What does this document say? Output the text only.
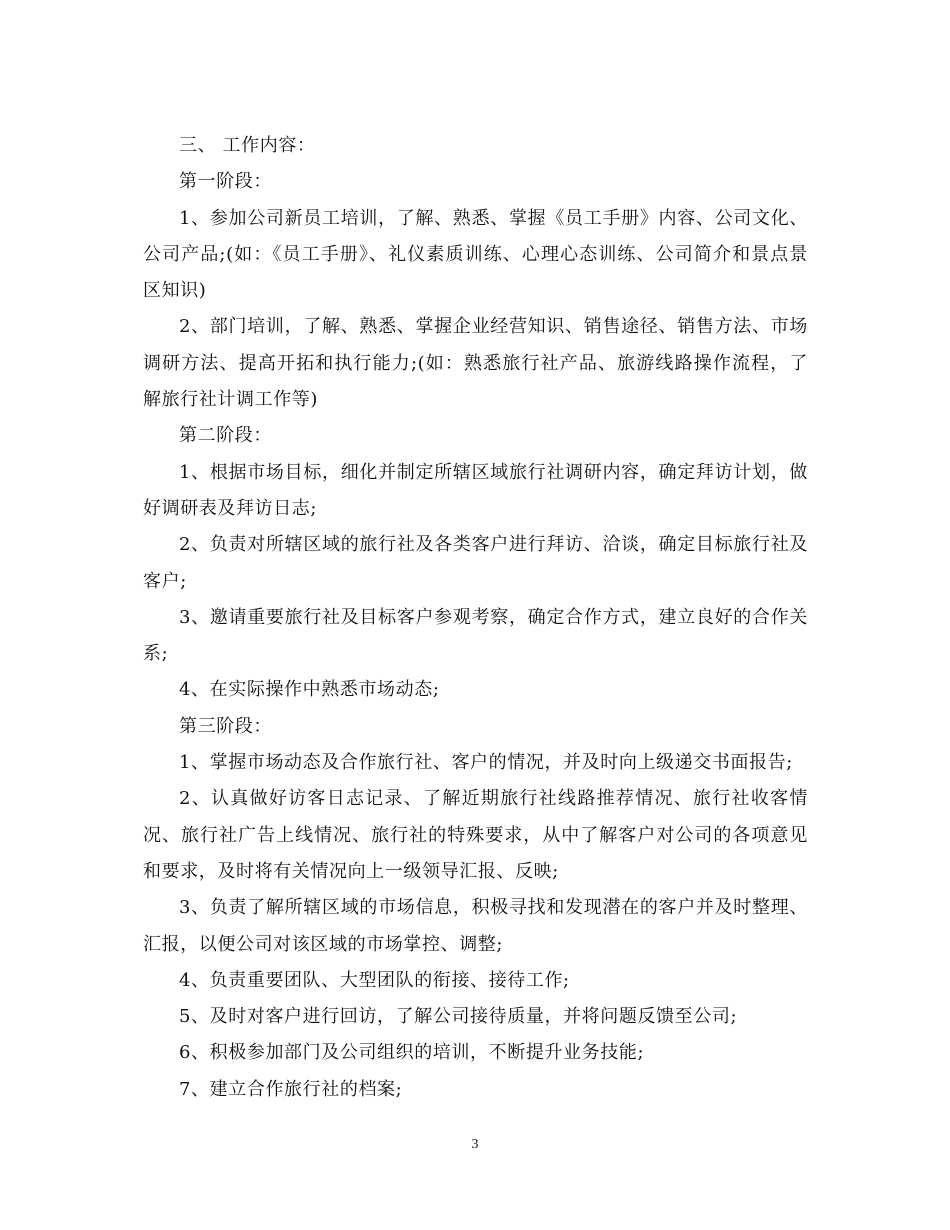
三、 工作内容：

第一阶段：

1、参加公司新员工培训，了解、熟悉、掌握《员工手册》内容、公司文化、公司产品;(如：《员工手册》、礼仪素质训练、心理心态训练、公司简介和景点景区知识)

2、部门培训，了解、熟悉、掌握企业经营知识、销售途径、销售方法、市场调研方法、提高开拓和执行能力;(如：熟悉旅行社产品、旅游线路操作流程，了解旅行社计调工作等)

第二阶段：

1、根据市场目标，细化并制定所辖区域旅行社调研内容，确定拜访计划，做好调研表及拜访日志;

2、负责对所辖区域的旅行社及各类客户进行拜访、洽谈，确定目标旅行社及客户;

3、邀请重要旅行社及目标客户参观考察，确定合作方式，建立良好的合作关系;

4、在实际操作中熟悉市场动态;

第三阶段：

1、掌握市场动态及合作旅行社、客户的情况，并及时向上级递交书面报告;

2、认真做好访客日志记录、了解近期旅行社线路推荐情况、旅行社收客情况、旅行社广告上线情况、旅行社的特殊要求，从中了解客户对公司的各项意见和要求，及时将有关情况向上一级领导汇报、反映;

3、负责了解所辖区域的市场信息，积极寻找和发现潜在的客户并及时整理、汇报，以便公司对该区域的市场掌控、调整;

4、负责重要团队、大型团队的衔接、接待工作;

5、及时对客户进行回访，了解公司接待质量，并将问题反馈至公司;

6、积极参加部门及公司组织的培训，不断提升业务技能;

7、建立合作旅行社的档案;

3
